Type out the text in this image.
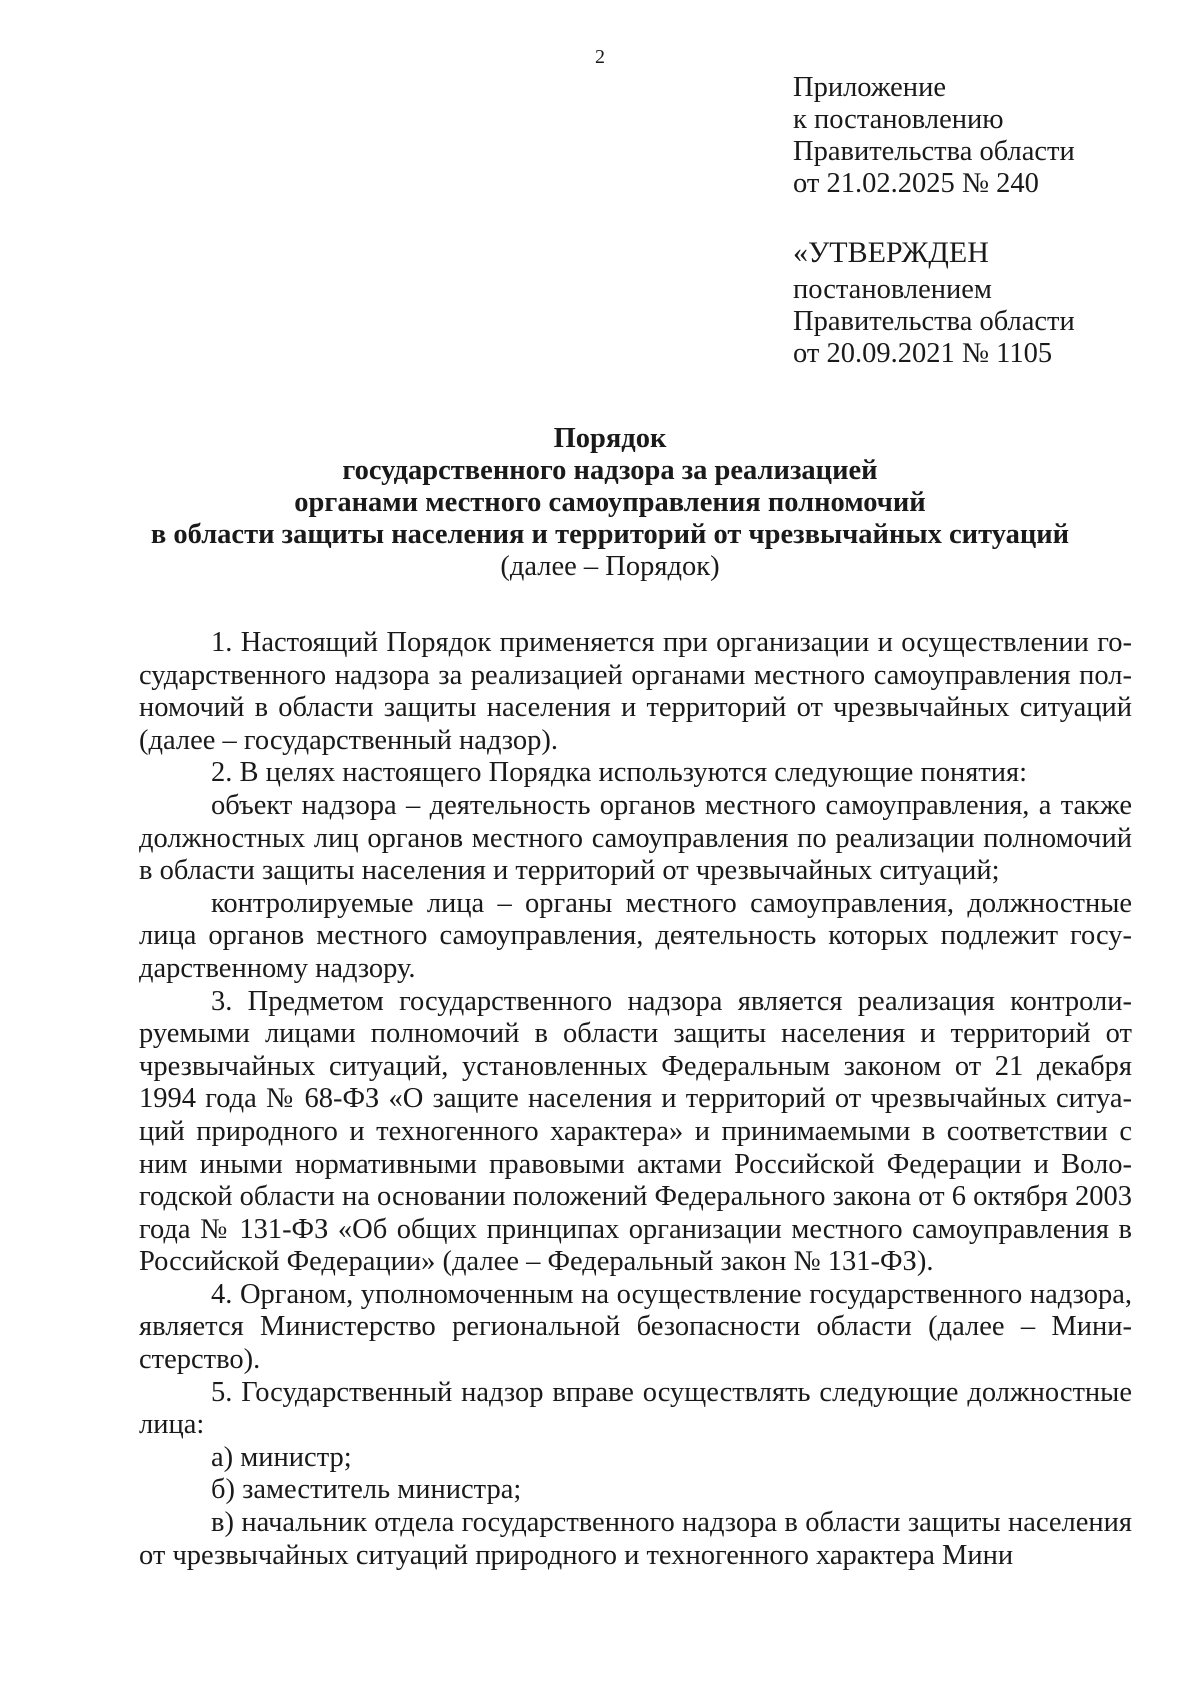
2
Приложение
к постановлению
Правительства области
от 21.02.2025 № 240
«УТВЕРЖДЕН
постановлением
Правительства области
от 20.09.2021 № 1105
Порядок
государственного надзора за реализацией
органами местного самоуправления полномочий
в области защиты населения и территорий от чрезвычайных ситуаций
(далее – Порядок)

1. Настоящий Порядок применяется при организации и осуществлении государственного надзора за реализацией органами местного самоуправления полномочий в области защиты населения и территорий от чрезвычайных ситуаций (далее – государственный надзор).

2. В целях настоящего Порядка используются следующие понятия:

объект надзора – деятельность органов местного самоуправления, а также должностных лиц органов местного самоуправления по реализации полномочий в области защиты населения и территорий от чрезвычайных ситуаций;

контролируемые лица – органы местного самоуправления, должностные лица органов местного самоуправления, деятельность которых подлежит государственному надзору.

3. Предметом государственного надзора является реализация контролируемыми лицами полномочий в области защиты населения и территорий от чрезвычайных ситуаций, установленных Федеральным законом от 21 декабря 1994 года № 68-ФЗ «О защите населения и территорий от чрезвычайных ситуаций природного и техногенного характера» и принимаемыми в соответствии с ним иными нормативными правовыми актами Российской Федерации и Вологодской области на основании положений Федерального закона от 6 октября 2003 года № 131-ФЗ «Об общих принципах организации местного самоуправления в Российской Федерации» (далее – Федеральный закон № 131-ФЗ).

4. Органом, уполномоченным на осуществление государственного надзора, является Министерство региональной безопасности области (далее – Министерство).

5. Государственный надзор вправе осуществлять следующие должностные лица:

а) министр;

б) заместитель министра;

в) начальник отдела государственного надзора в области защиты населения от чрезвычайных ситуаций природного и техногенного характера Мини
